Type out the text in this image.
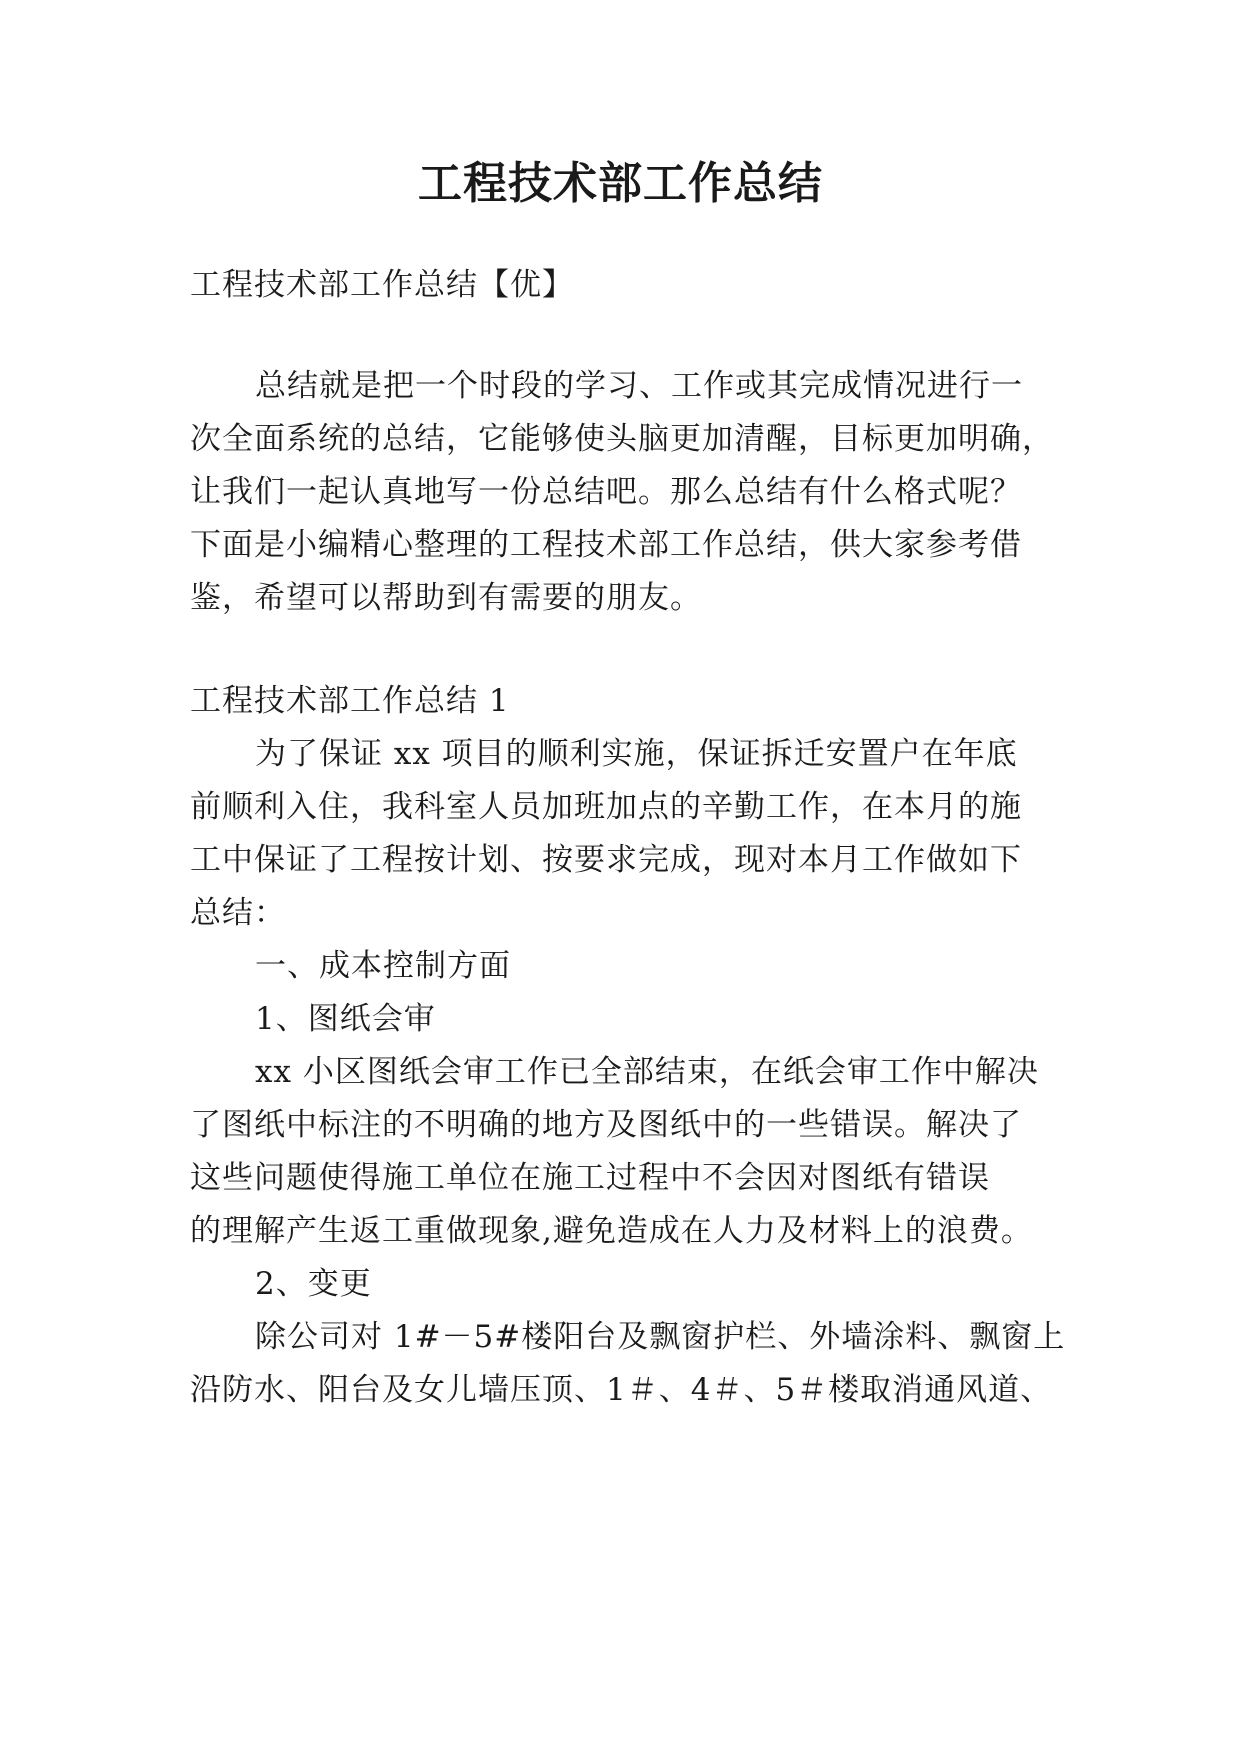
工程技术部工作总结

工程技术部工作总结【优】

总结就是把一个时段的学习、工作或其完成情况进行一

次全面系统的总结，它能够使头脑更加清醒，目标更加明确，

让我们一起认真地写一份总结吧。那么总结有什么格式呢？

下面是小编精心整理的工程技术部工作总结，供大家参考借

鉴，希望可以帮助到有需要的朋友。

工程技术部工作总结 1

为了保证 xx 项目的顺利实施，保证拆迁安置户在年底

前顺利入住，我科室人员加班加点的辛勤工作，在本月的施

工中保证了工程按计划、按要求完成，现对本月工作做如下

总结：

一、成本控制方面

1、图纸会审

xx 小区图纸会审工作已全部结束，在纸会审工作中解决

了图纸中标注的不明确的地方及图纸中的一些错误。解决了

这些问题使得施工单位在施工过程中不会因对图纸有错误

的理解产生返工重做现象,避免造成在人力及材料上的浪费。

2、变更

除公司对 1#－5#楼阳台及飘窗护栏、外墙涂料、飘窗上

沿防水、阳台及女儿墙压顶、1＃、4＃、5＃楼取消通风道、
